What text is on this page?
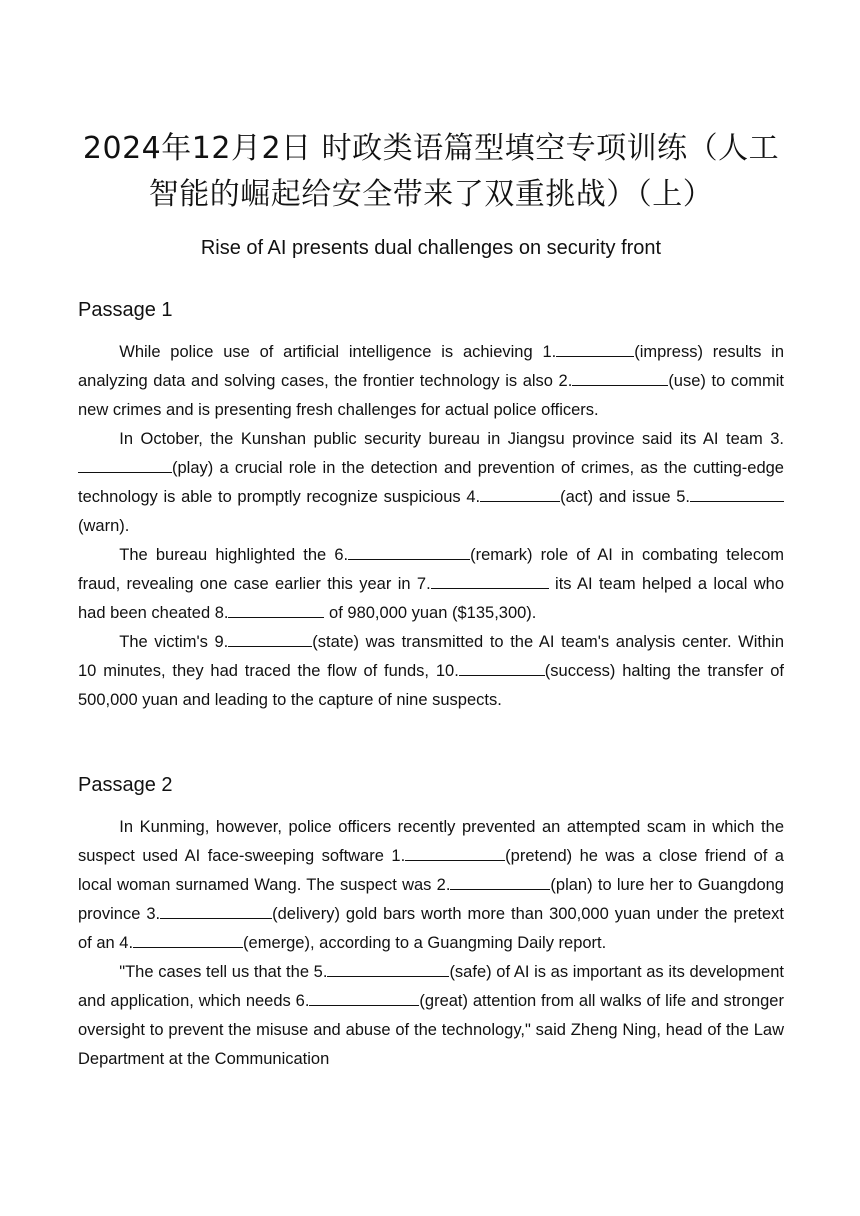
2024年12月2日 时政类语篇型填空专项训练（人工智能的崛起给安全带来了双重挑战）（上）
Rise of AI presents dual challenges on security front
Passage 1

While police use of artificial intelligence is achieving 1.	(impress) results in analyzing data and solving cases, the frontier technology is also 2.	(use) to commit new crimes and is presenting fresh challenges for actual police officers.

In October, the Kunshan public security bureau in Jiangsu province said its AI team 3.(play) a crucial role in the detection and prevention of crimes, as the cutting-edge technology is able to promptly recognize suspicious 4.	(act) and issue 5.(warn).

The bureau highlighted the 6.	(remark) role of AI in combating telecom fraud, revealing one case earlier this year in 7.	its AI team helped a local who had been cheated 8.	of 980,000 yuan ($135,300).

The victim's 9.	(state) was transmitted to the AI team's analysis center. Within 10 minutes, they had traced the flow of funds, 10.	(success) halting the transfer of 500,000 yuan and leading to the capture of nine suspects.

Passage 2

In Kunming, however, police officers recently prevented an attempted scam in which the suspect used AI face-sweeping software 1.	(pretend) he was a close friend of a local woman surnamed Wang. The suspect was 2.	(plan) to lure her to Guangdong province 3.	(delivery) gold bars worth more than 300,000 yuan under the pretext of an 4.	(emerge), according to a Guangming Daily report.

"The cases tell us that the 5.	(safe) of AI is as important as its development and application, which needs 6.	(great) attention from all walks of life and stronger oversight to prevent the misuse and abuse of the technology," said Zheng Ning, head of the Law Department at the Communication
